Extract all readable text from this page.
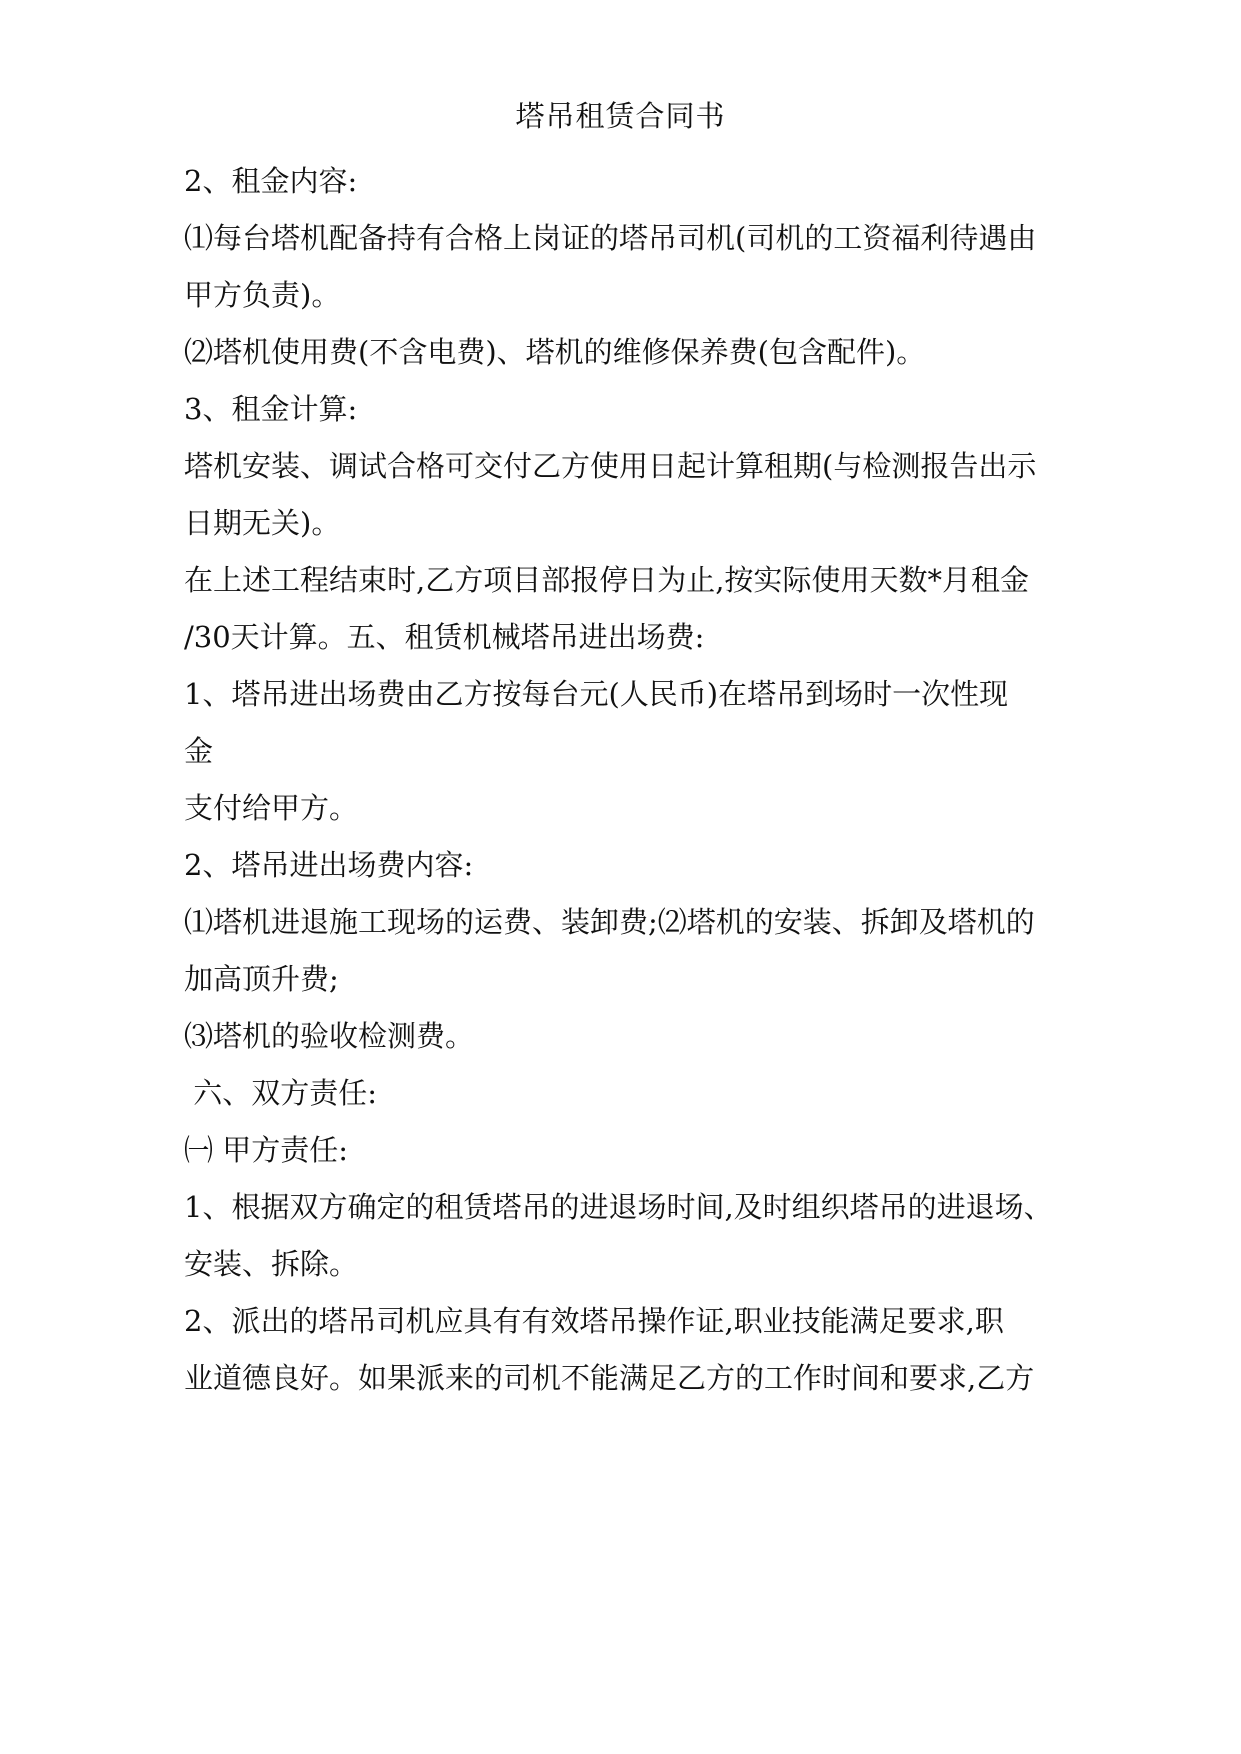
塔吊租赁合同书
2、租金内容:
⑴每台塔机配备持有合格上岗证的塔吊司机(司机的工资福利待遇由
甲方负责)。
⑵塔机使用费(不含电费)、塔机的维修保养费(包含配件)。
3、租金计算:
塔机安装、调试合格可交付乙方使用日起计算租期(与检测报告出示
日期无关)。
在上述工程结束时,乙方项目部报停日为止,按实际使用天数*月租金
/30天计算。五、租赁机械塔吊进出场费:
1、塔吊进出场费由乙方按每台元(人民币)在塔吊到场时一次性现
金
支付给甲方。
2、塔吊进出场费内容:
⑴塔机进退施工现场的运费、装卸费;⑵塔机的安装、拆卸及塔机的
加高顶升费;
⑶塔机的验收检测费。
六、双方责任:
㈠ 甲方责任:
1、根据双方确定的租赁塔吊的进退场时间,及时组织塔吊的进退场、
安装、拆除。
2、派出的塔吊司机应具有有效塔吊操作证,职业技能满足要求,职
业道德良好。如果派来的司机不能满足乙方的工作时间和要求,乙方
